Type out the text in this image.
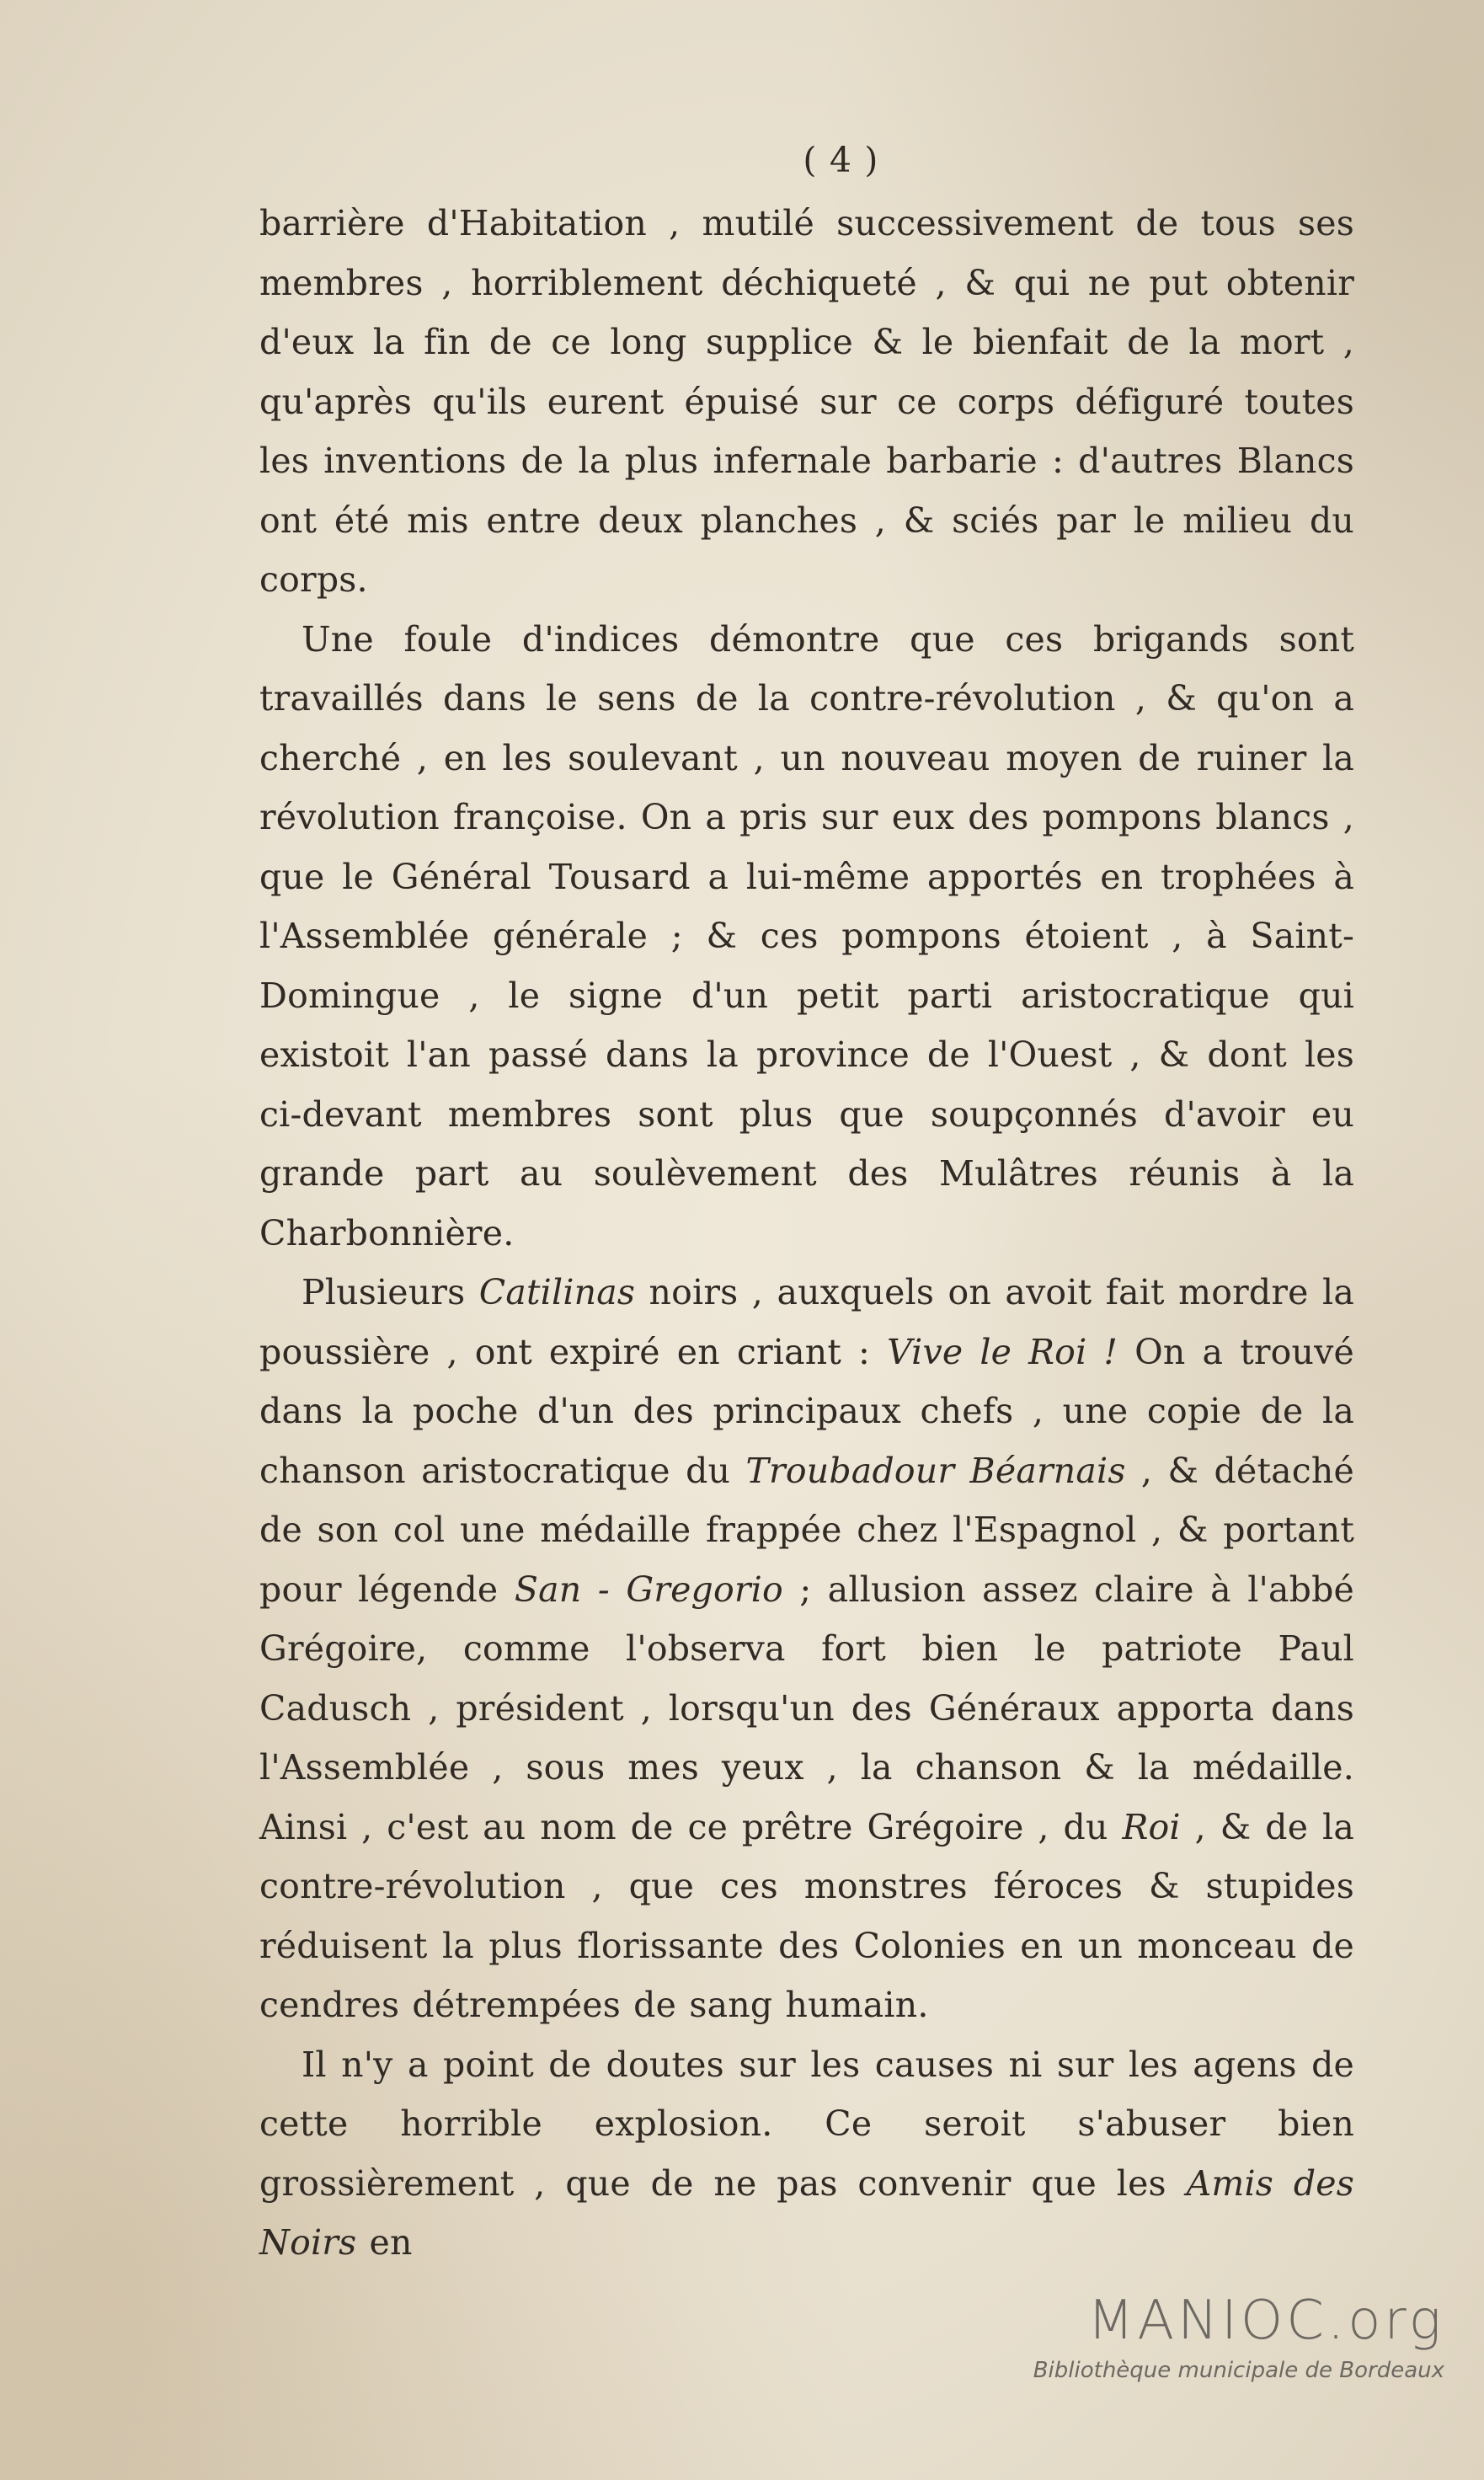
( 4 )

barrière d'Habitation , mutilé successivement de tous ses membres , horriblement déchiqueté , & qui ne put obtenir d'eux la fin de ce long supplice & le bienfait de la mort , qu'après qu'ils eurent épuisé sur ce corps défiguré toutes les inventions de la plus infernale barbarie : d'autres Blancs ont été mis entre deux planches , & sciés par le milieu du corps.

Une foule d'indices démontre que ces brigands sont travaillés dans le sens de la contre-révolution , & qu'on a cherché , en les soulevant , un nouveau moyen de ruiner la révolution françoise. On a pris sur eux des pompons blancs , que le Général Tousard a lui-même apportés en trophées à l'Assemblée générale ; & ces pompons étoient , à Saint-Domingue , le signe d'un petit parti aristocratique qui existoit l'an passé dans la province de l'Ouest , & dont les ci-devant membres sont plus que soupçonnés d'avoir eu grande part au soulèvement des Mulâtres réunis à la Charbonnière.

Plusieurs Catilinas noirs , auxquels on avoit fait mordre la poussière , ont expiré en criant : Vive le Roi ! On a trouvé dans la poche d'un des principaux chefs , une copie de la chanson aristocratique du Troubadour Béarnais , & détaché de son col une médaille frappée chez l'Espagnol , & portant pour légende San - Gregorio ; allusion assez claire à l'abbé Grégoire, comme l'observa fort bien le patriote Paul Cadusch , président , lorsqu'un des Généraux apporta dans l'Assemblée , sous mes yeux , la chanson & la médaille. Ainsi , c'est au nom de ce prêtre Grégoire , du Roi , & de la contre-révolution , que ces monstres féroces & stupides réduisent la plus florissante des Colonies en un monceau de cendres détrempées de sang humain.

Il n'y a point de doutes sur les causes ni sur les agens de cette horrible explosion. Ce seroit s'abuser bien grossièrement , que de ne pas convenir que les Amis des Noirs en

MANIOC.org
Bibliothèque municipale de Bordeaux
